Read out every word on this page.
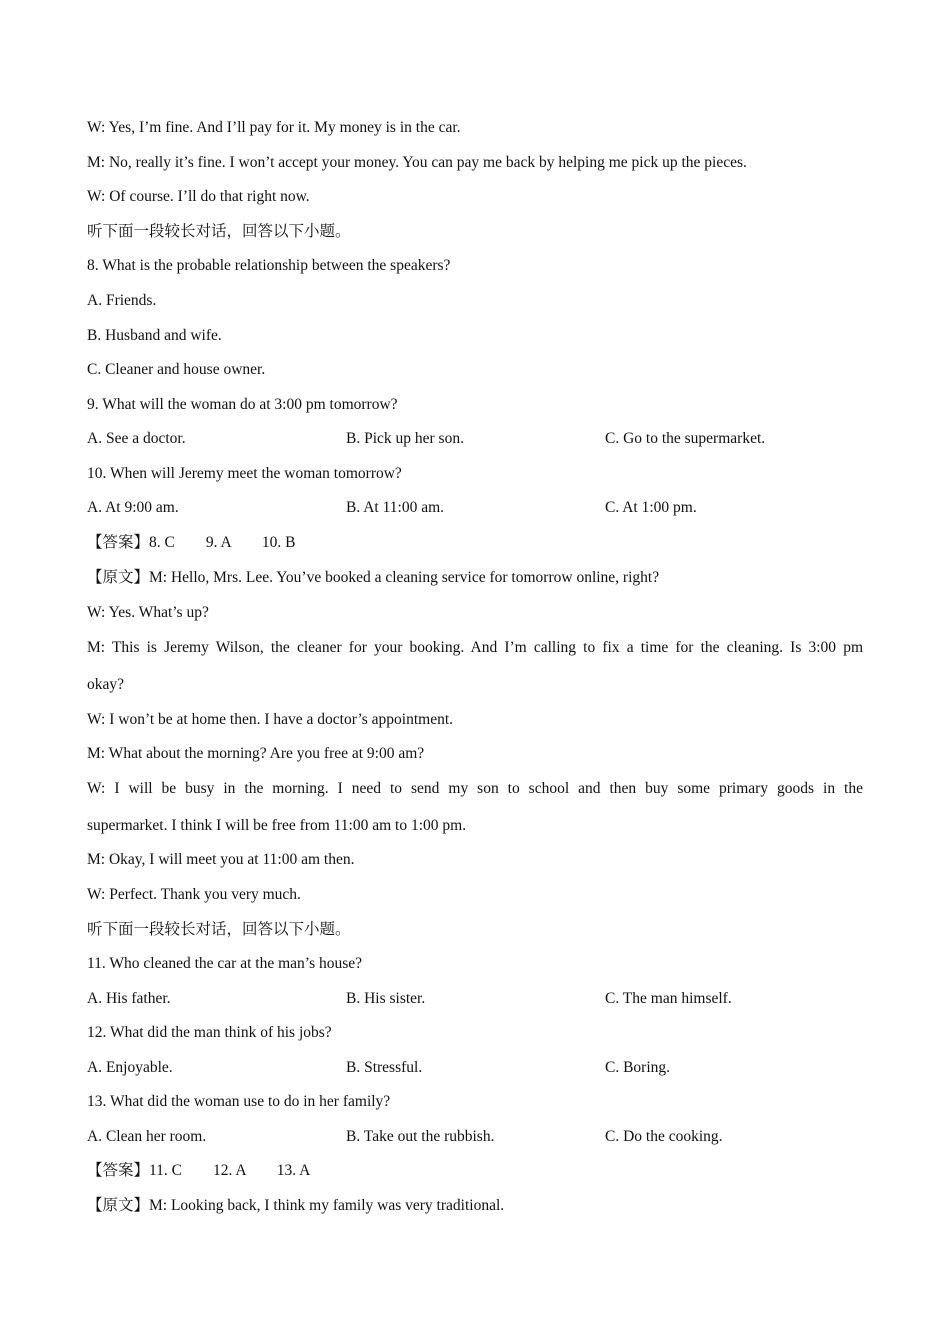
W: Yes, I’m fine. And I’ll pay for it. My money is in the car.
M: No, really it’s fine. I won’t accept your money. You can pay me back by helping me pick up the pieces.
W: Of course. I’ll do that right now.
听下面一段较长对话，回答以下小题。
8. What is the probable relationship between the speakers?
A. Friends.
B. Husband and wife.
C. Cleaner and house owner.
9. What will the woman do at 3:00 pm tomorrow?
A. See a doctor.	B. Pick up her son.	C. Go to the supermarket.
10. When will Jeremy meet the woman tomorrow?
A. At 9:00 am.	B. At 11:00 am.	C. At 1:00 pm.
【答案】8. C        9. A        10. B
【原文】M: Hello, Mrs. Lee. You’ve booked a cleaning service for tomorrow online, right?
W: Yes. What’s up?
M: This is Jeremy Wilson, the cleaner for your booking. And I’m calling to fix a time for the cleaning. Is 3:00 pm
okay?
W: I won’t be at home then. I have a doctor’s appointment.
M: What about the morning? Are you free at 9:00 am?
W: I will be busy in the morning. I need to send my son to school and then buy some primary goods in the
supermarket. I think I will be free from 11:00 am to 1:00 pm.
M: Okay, I will meet you at 11:00 am then.
W: Perfect. Thank you very much.
听下面一段较长对话，回答以下小题。
11. Who cleaned the car at the man’s house?
A. His father.	B. His sister.	C. The man himself.
12. What did the man think of his jobs?
A. Enjoyable.	B. Stressful.	C. Boring.
13. What did the woman use to do in her family?
A. Clean her room.	B. Take out the rubbish.	C. Do the cooking.
【答案】11. C        12. A        13. A
【原文】M: Looking back, I think my family was very traditional.
